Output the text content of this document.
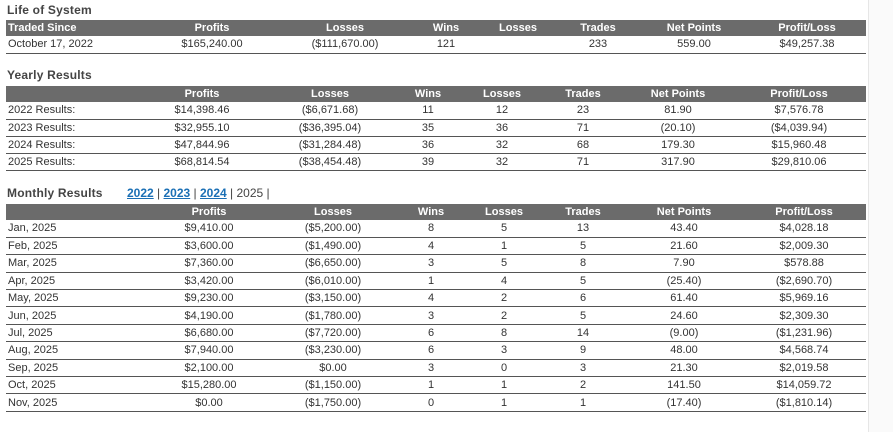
Life of System
Traded Since	Profits	Losses	Wins	Losses	Trades	Net Points	Profit/Loss
October 17, 2022	$165,240.00	($111,670.00)	121		233	559.00	$49,257.38
Yearly Results
	Profits	Losses	Wins	Losses	Trades	Net Points	Profit/Loss
2022 Results:	$14,398.46	($6,671.68)	11	12	23	81.90	$7,576.78
2023 Results:	$32,955.10	($36,395.04)	35	36	71	(20.10)	($4,039.94)
2024 Results:	$47,844.96	($31,284.48)	36	32	68	179.30	$15,960.48
2025 Results:	$68,814.54	($38,454.48)	39	32	71	317.90	$29,810.06
Monthly Results 2022 | 2023 | 2024 | 2025 |
	Profits	Losses	Wins	Losses	Trades	Net Points	Profit/Loss
Jan, 2025	$9,410.00	($5,200.00)	8	5	13	43.40	$4,028.18
Feb, 2025	$3,600.00	($1,490.00)	4	1	5	21.60	$2,009.30
Mar, 2025	$7,360.00	($6,650.00)	3	5	8	7.90	$578.88
Apr, 2025	$3,420.00	($6,010.00)	1	4	5	(25.40)	($2,690.70)
May, 2025	$9,230.00	($3,150.00)	4	2	6	61.40	$5,969.16
Jun, 2025	$4,190.00	($1,780.00)	3	2	5	24.60	$2,309.30
Jul, 2025	$6,680.00	($7,720.00)	6	8	14	(9.00)	($1,231.96)
Aug, 2025	$7,940.00	($3,230.00)	6	3	9	48.00	$4,568.74
Sep, 2025	$2,100.00	$0.00	3	0	3	21.30	$2,019.58
Oct, 2025	$15,280.00	($1,150.00)	1	1	2	141.50	$14,059.72
Nov, 2025	$0.00	($1,750.00)	0	1	1	(17.40)	($1,810.14)
